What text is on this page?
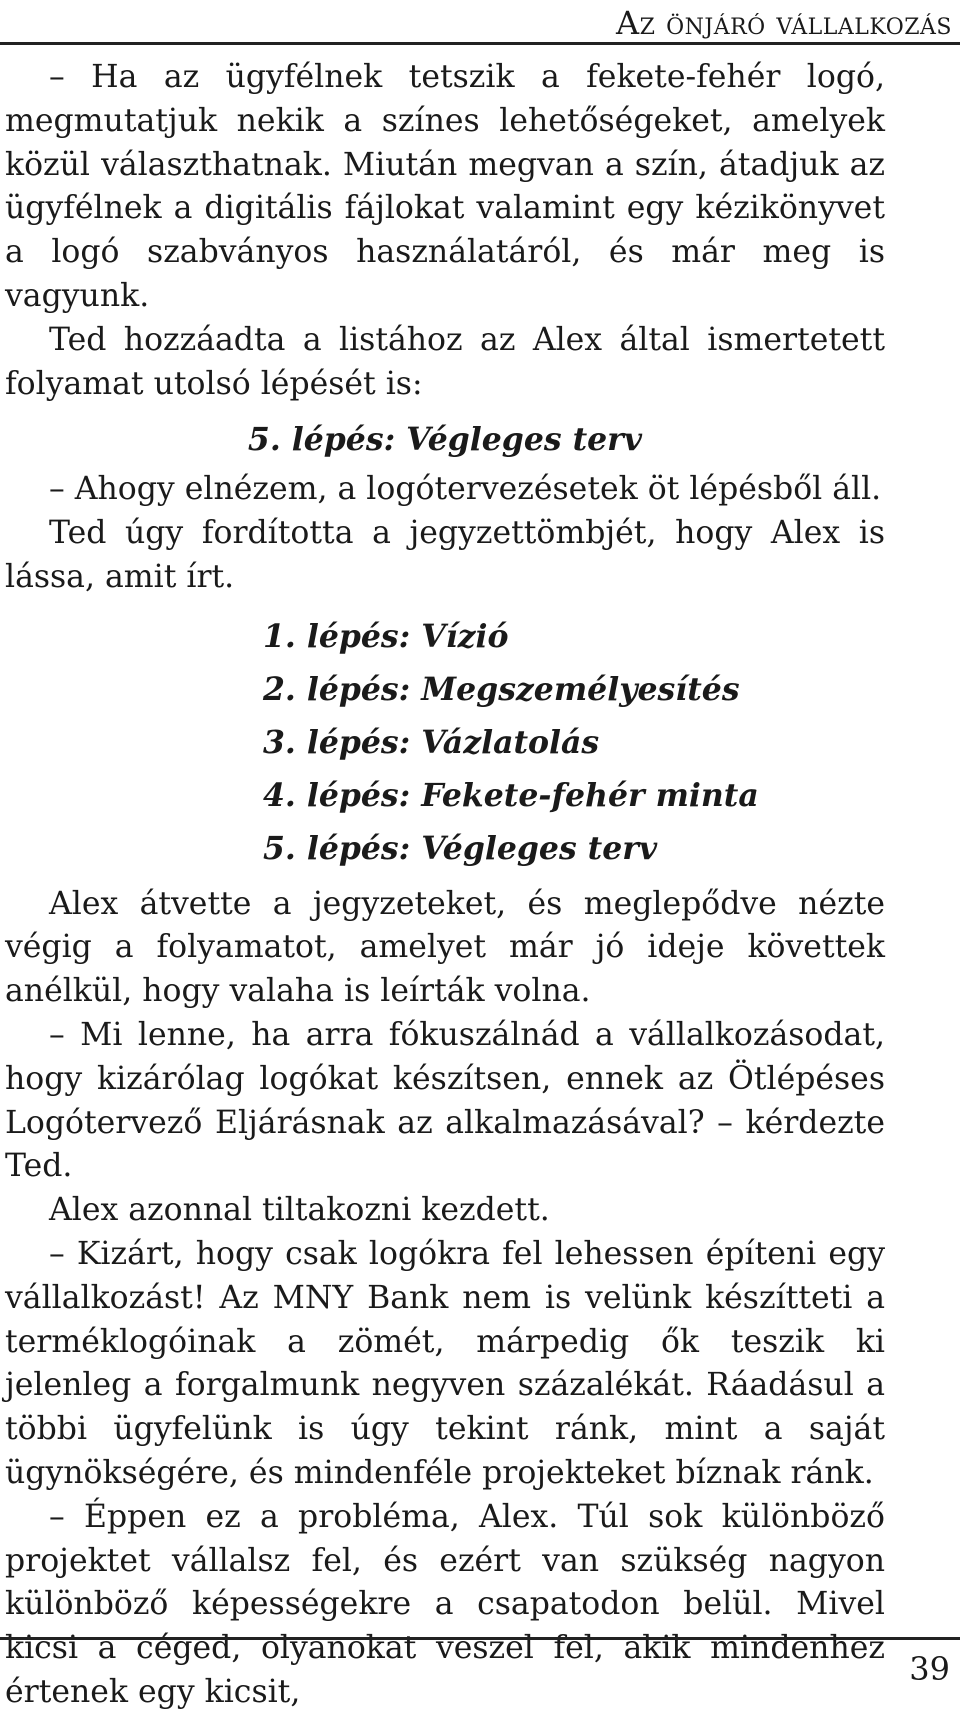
Az önjáró vállalkozás

– Ha az ügyfélnek tetszik a fekete-fehér logó, megmutatjuk nekik a színes lehetőségeket, amelyek közül választhatnak. Miután megvan a szín, átadjuk az ügyfélnek a digitális fájlokat valamint egy kézikönyvet a logó szabványos használatáról, és már meg is vagyunk.

Ted hozzáadta a listához az Alex által ismertetett folyamat utolsó lépését is:

5. lépés: Végleges terv

– Ahogy elnézem, a logótervezésetek öt lépésből áll.

Ted úgy fordította a jegyzettömbjét, hogy Alex is lássa, amit írt.

1. lépés: Vízió
2. lépés: Megszemélyesítés
3. lépés: Vázlatolás
4. lépés: Fekete-fehér minta
5. lépés: Végleges terv

Alex átvette a jegyzeteket, és meglepődve nézte végig a folyamatot, amelyet már jó ideje követtek anélkül, hogy valaha is leírták volna.

– Mi lenne, ha arra fókuszálnád a vállalkozásodat, hogy kizárólag logókat készítsen, ennek az Ötlépéses Logótervező Eljárásnak az alkalmazásával? – kérdezte Ted.

Alex azonnal tiltakozni kezdett.

– Kizárt, hogy csak logókra fel lehessen építeni egy vállalkozást! Az MNY Bank nem is velünk készítteti a terméklogóinak a zömét, márpedig ők teszik ki jelenleg a forgalmunk negyven százalékát. Ráadásul a többi ügyfelünk is úgy tekint ránk, mint a saját ügynökségére, és mindenféle projekteket bíznak ránk.

– Éppen ez a probléma, Alex. Túl sok különböző projektet vállalsz fel, és ezért van szükség nagyon különböző képességekre a csapatodon belül. Mivel kicsi a céged, olyanokat veszel fel, akik mindenhez értenek egy kicsit,

39
